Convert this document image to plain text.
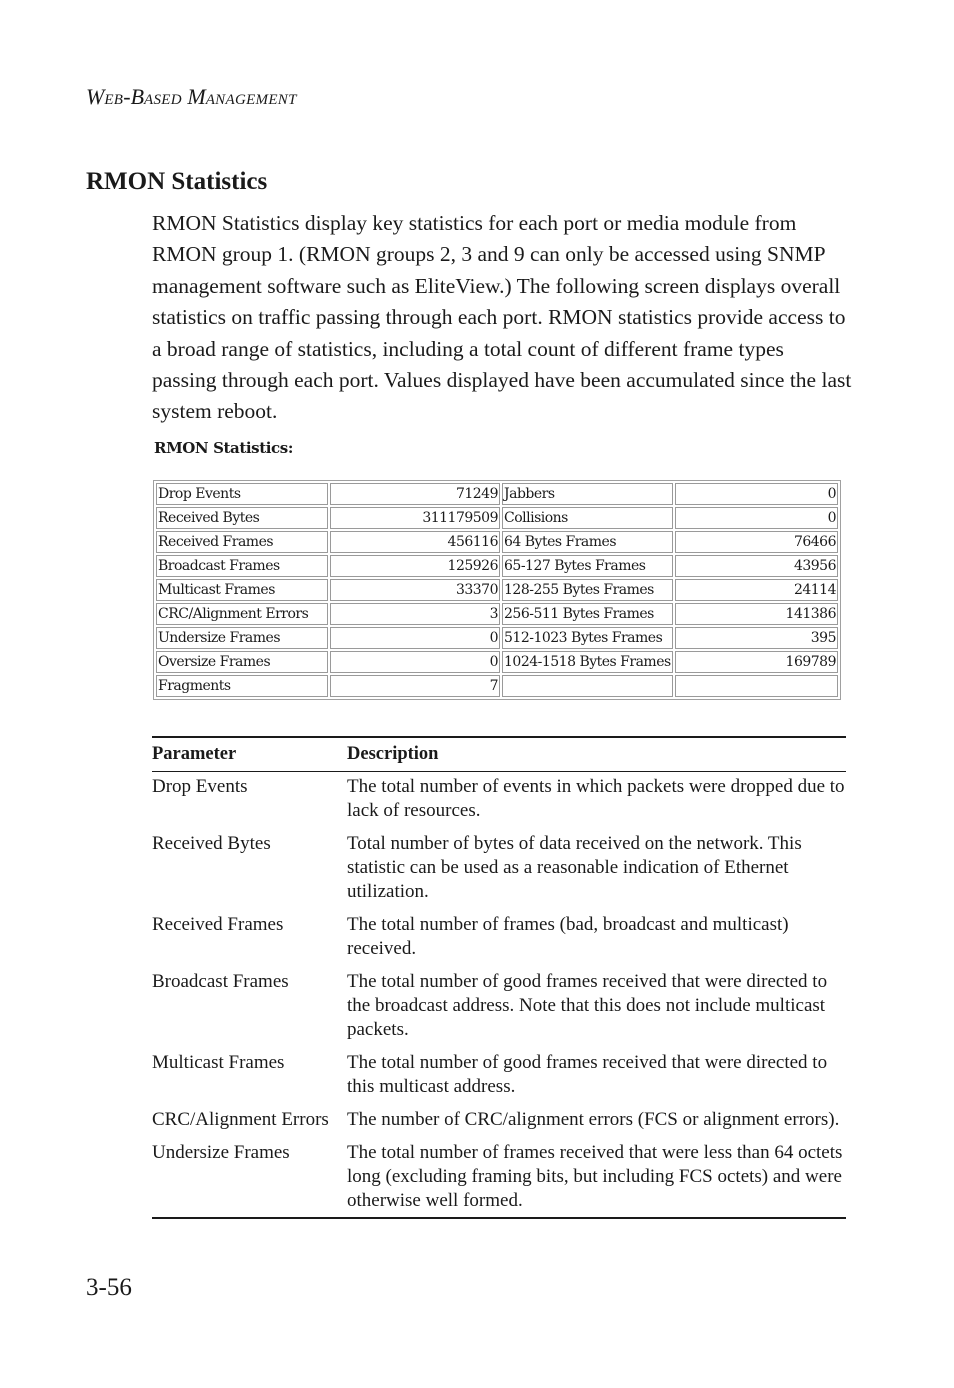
WEB-BASED MANAGEMENT
RMON Statistics

RMON Statistics display key statistics for each port or media module from RMON group 1. (RMON groups 2, 3 and 9 can only be accessed using SNMP management software such as EliteView.) The following screen displays overall statistics on traffic passing through each port. RMON statistics provide access to a broad range of statistics, including a total count of different frame types passing through each port. Values displayed have been accumulated since the last system reboot.

RMON Statistics:
Drop Events	71249	Jabbers	0
Received Bytes	311179509	Collisions	0
Received Frames	456116	64 Bytes Frames	76466
Broadcast Frames	125926	65-127 Bytes Frames	43956
Multicast Frames	33370	128-255 Bytes Frames	24114
CRC/Alignment Errors	3	256-511 Bytes Frames	141386
Undersize Frames	0	512-1023 Bytes Frames	395
Oversize Frames	0	1024-1518 Bytes Frames	169789
Fragments	7		
Parameter	Description
Drop Events	The total number of events in which packets were dropped due to lack of resources.
Received Bytes	Total number of bytes of data received on the network. This statistic can be used as a reasonable indication of Ethernet utilization.
Received Frames	The total number of frames (bad, broadcast and multicast) received.
Broadcast Frames	The total number of good frames received that were directed to the broadcast address. Note that this does not include multicast packets.
Multicast Frames	The total number of good frames received that were directed to this multicast address.
CRC/Alignment Errors The number of CRC/alignment errors (FCS or alignment errors).
Undersize Frames	The total number of frames received that were less than 64 octets long (excluding framing bits, but including FCS octets) and were otherwise well formed.
3-56
